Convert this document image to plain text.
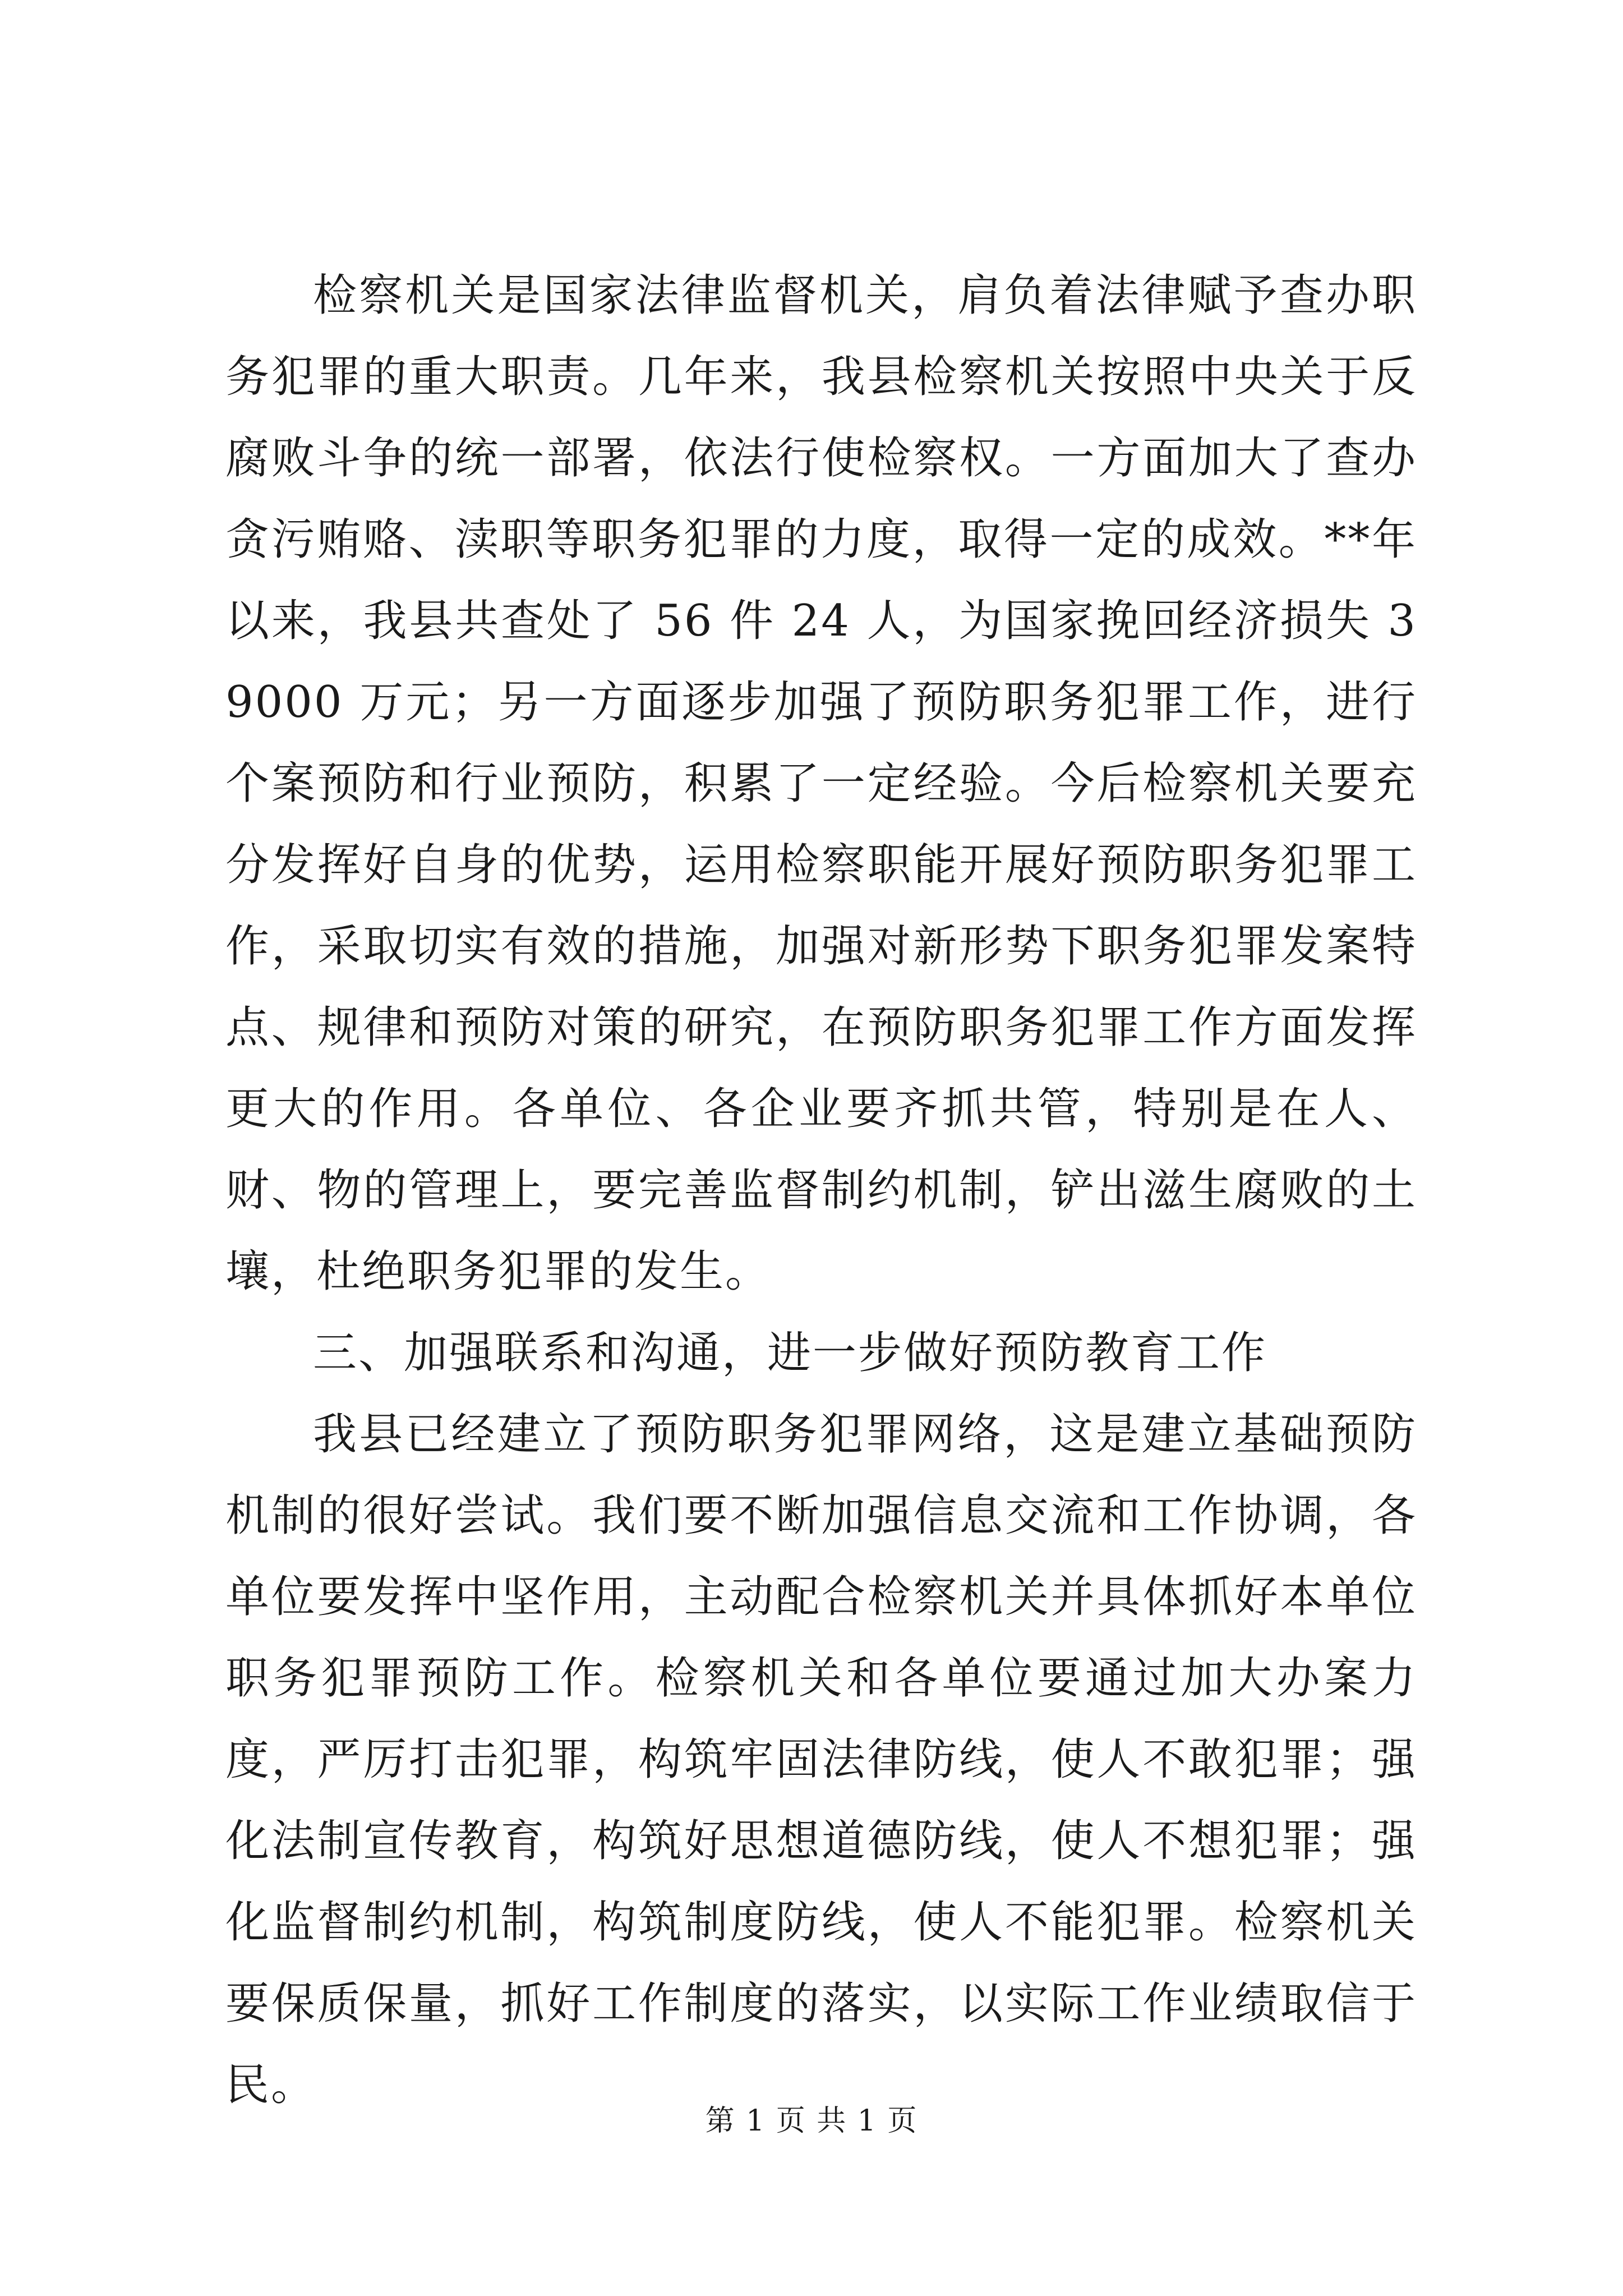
检察机关是国家法律监督机关，肩负着法律赋予查办职务犯罪的重大职责。几年来，我县检察机关按照中央关于反腐败斗争的统一部署，依法行使检察权。一方面加大了查办贪污贿赂、渎职等职务犯罪的力度，取得一定的成效。**年以来，我县共查处了 56 件 24 人，为国家挽回经济损失 39000 万元；另一方面逐步加强了预防职务犯罪工作，进行个案预防和行业预防，积累了一定经验。今后检察机关要充分发挥好自身的优势，运用检察职能开展好预防职务犯罪工作，采取切实有效的措施，加强对新形势下职务犯罪发案特点、规律和预防对策的研究，在预防职务犯罪工作方面发挥更大的作用。各单位、各企业要齐抓共管，特别是在人、财、物的管理上，要完善监督制约机制，铲出滋生腐败的土壤，杜绝职务犯罪的发生。

三、加强联系和沟通，进一步做好预防教育工作

我县已经建立了预防职务犯罪网络，这是建立基础预防机制的很好尝试。我们要不断加强信息交流和工作协调，各单位要发挥中坚作用，主动配合检察机关并具体抓好本单位职务犯罪预防工作。检察机关和各单位要通过加大办案力度，严厉打击犯罪，构筑牢固法律防线，使人不敢犯罪；强化法制宣传教育，构筑好思想道德防线，使人不想犯罪；强化监督制约机制，构筑制度防线，使人不能犯罪。检察机关要保质保量，抓好工作制度的落实，以实际工作业绩取信于民。

第 1 页 共 1 页
